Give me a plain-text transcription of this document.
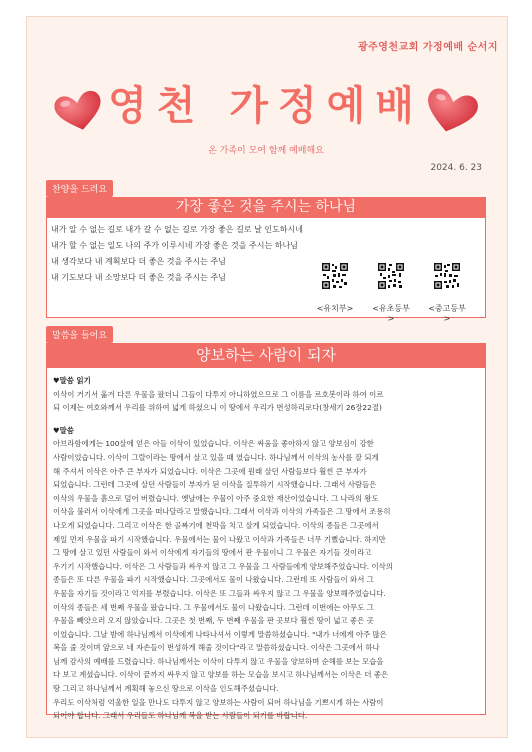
광주영천교회 가정예배 순서지
영천 가정예배
온 가족이 모여 함께 예배해요
2024. 6. 23
찬양을 드려요
가장 좋은 것을 주시는 하나님
내가 알 수 없는 길로 내가 갈 수 없는 길로 가장 좋은 길로 날 인도하시네
내가 할 수 없는 일도 나의 주가 이루시네 가장 좋은 것을 주시는 하나님
내 생각보다 내 계획보다 더 좋은 것을 주시는 주님
내 기도보다 내 소망보다 더 좋은 것을 주시는 주님
<유치부> <유초등부>
<중고등부>
말씀을 들어요
양보하는 사람이 되자

♥말씀 읽기

이삭이 거기서 옮겨 다른 우물을 팠더니 그들이 다투지 아니하였으므로 그 이름을 르호봇이라 하여 이르

되 이제는 여호와께서 우리를 위하여 넓게 하셨으니 이 땅에서 우리가 번성하리로다(창세기 26장22절)

♥말씀

아브라함에게는 100살에 얻은 아들 이삭이 있었습니다. 이삭은 싸움을 좋아하지 않고 양보심이 강한

사람이었습니다. 이삭이 그랄이라는 땅에서 살고 있을 때 였습니다. 하나님께서 이삭의 농사를 잘 되게

해 주셔서 이삭은 아주 큰 부자가 되었습니다. 이삭은 그곳에 원래 살던 사람들보다 훨씬 큰 부자가

되었습니다. 그런데 그곳에 살던 사람들이 부자가 된 이삭을 질투하기 시작했습니다. 그래서 사람들은

이삭의 우물을 흙으로 덮어 버렸습니다. 옛날에는 우물이 아주 중요한 재산이었습니다. 그 나라의 왕도

이삭을 불러서 이삭에게 그곳을 떠나달라고 말했습니다. 그래서 이삭과 이삭의 가족들은 그 땅에서 조용히

나오게 되었습니다. 그리고 이삭은 한 골짜기에 천막을 치고 살게 되었습니다. 이삭의 종들은 그곳에서

제일 먼저 우물을 파기 시작했습니다. 우물에서는 물이 나왔고 이삭과 가족들은 너무 기뻤습니다. 하지만

그 땅에 살고 있던 사람들이 와서 이삭에게 자기들의 땅에서 판 우물이니 그 우물은 자기들 것이라고

우기기 시작했습니다. 이삭은 그 사람들과 싸우지 않고 그 우물을 그 사람들에게 양보해주었습니다. 이삭의

종들은 또 다른 우물을 파기 시작했습니다. 그곳에서도 물이 나왔습니다. 그런데 또 사람들이 와서 그

우물을 자기들 것이라고 억지를 부렸습니다. 이삭은 또 그들과 싸우지 않고 그 우물을 양보해주었습니다.

이삭의 종들은 세 번째 우물을 팠습니다. 그 우물에서도 물이 나왔습니다. 그런데 이번에는 아무도 그

우물을 빼앗으러 오지 않았습니다. 그곳은 첫 번째, 두 번째 우물을 판 곳보다 훨씬 땅이 넓고 좋은 곳

이었습니다. 그날 밤에 하나님께서 이삭에게 나타나셔서 이렇게 말씀하셨습니다. "내가 너에게 아주 많은

복을 줄 것이며 앞으로 네 자손들이 번성하게 해줄 것이다"라고 말씀하셨습니다. 이삭은 그곳에서 하나

님께 감사의 예배를 드렸습니다. 하나님께서는 이삭이 다투지 않고 우물을 양보하며 순해를 보는 모습을

다 보고 계셨습니다. 이삭이 끝까지 싸우지 않고 양보를 하는 모습을 보시고 하나님께서는 이삭은 더 좋은

땅 그리고 하나님께서 계획해 놓으신 땅으로 이삭을 인도해주셨습니다.

우리도 이삭처럼 억울한 일을 만나도 다투지 않고 양보하는 사람이 되어 하나님을 기쁘시게 하는 사람이

되어야 합니다. 그래서 우리들도 하나님께 복을 받는 사람들이 되기를 바랍니다.
